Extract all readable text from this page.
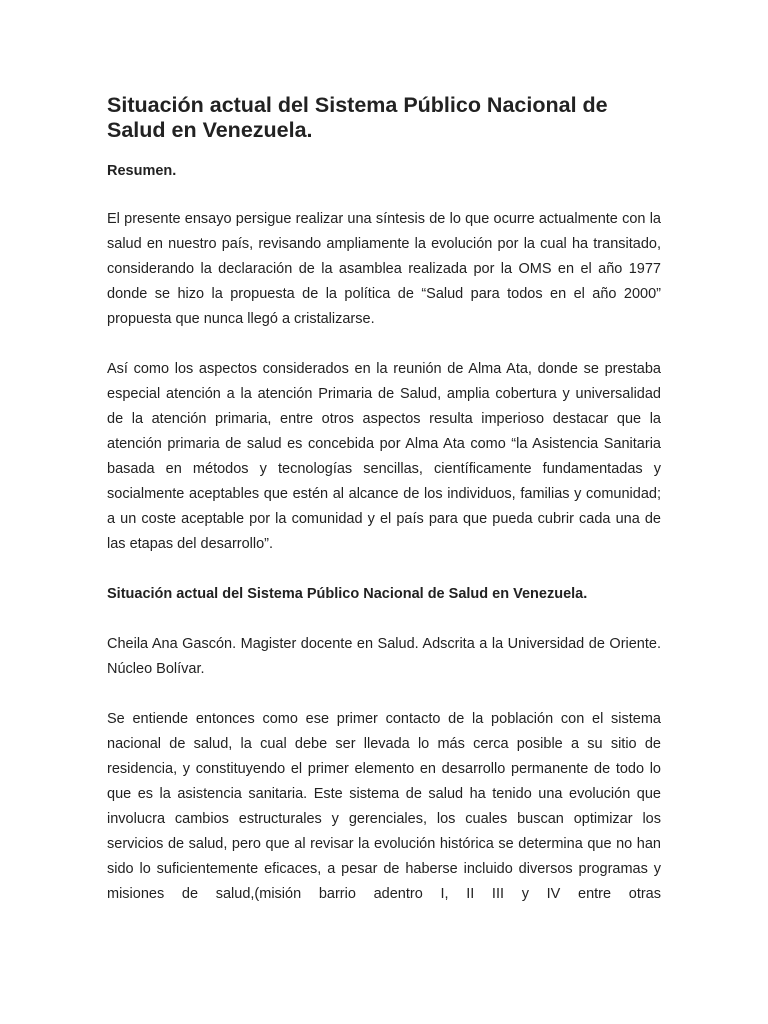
Situación actual del Sistema Público Nacional de Salud en Venezuela.

Resumen.

El presente ensayo persigue realizar una síntesis de lo que ocurre actualmente con la salud en nuestro país, revisando ampliamente la evolución por la cual ha transitado, considerando la declaración de la asamblea realizada por la OMS en el año 1977 donde se hizo la propuesta de la política de “Salud para todos en el año 2000” propuesta que nunca llegó a cristalizarse.

Así como los aspectos considerados en la reunión de Alma Ata, donde se prestaba especial atención a la atención Primaria de Salud, amplia cobertura y universalidad de la atención primaria, entre otros aspectos resulta imperioso destacar que la atención primaria de salud es concebida por Alma Ata como “la Asistencia Sanitaria basada en métodos y tecnologías sencillas, científicamente fundamentadas y socialmente aceptables que estén al alcance de los individuos, familias y comunidad; a un coste aceptable por la comunidad y el país para que pueda cubrir cada una de las etapas del desarrollo”.

Situación actual del Sistema Público Nacional de Salud en Venezuela.

Cheila Ana Gascón. Magister docente en Salud. Adscrita a la Universidad de Oriente. Núcleo Bolívar.

Se entiende entonces como ese primer contacto de la población con el sistema nacional de salud, la cual debe ser llevada lo más cerca posible a su sitio de residencia, y constituyendo el primer elemento en desarrollo permanente de todo lo que es la asistencia sanitaria. Este sistema de salud ha tenido una evolución que involucra cambios estructurales y gerenciales, los cuales buscan optimizar los servicios de salud, pero que al revisar la evolución histórica se determina que no han sido lo suficientemente eficaces, a pesar de haberse incluido diversos programas y misiones de salud,(misión barrio adentro I, II III y IV entre otras
